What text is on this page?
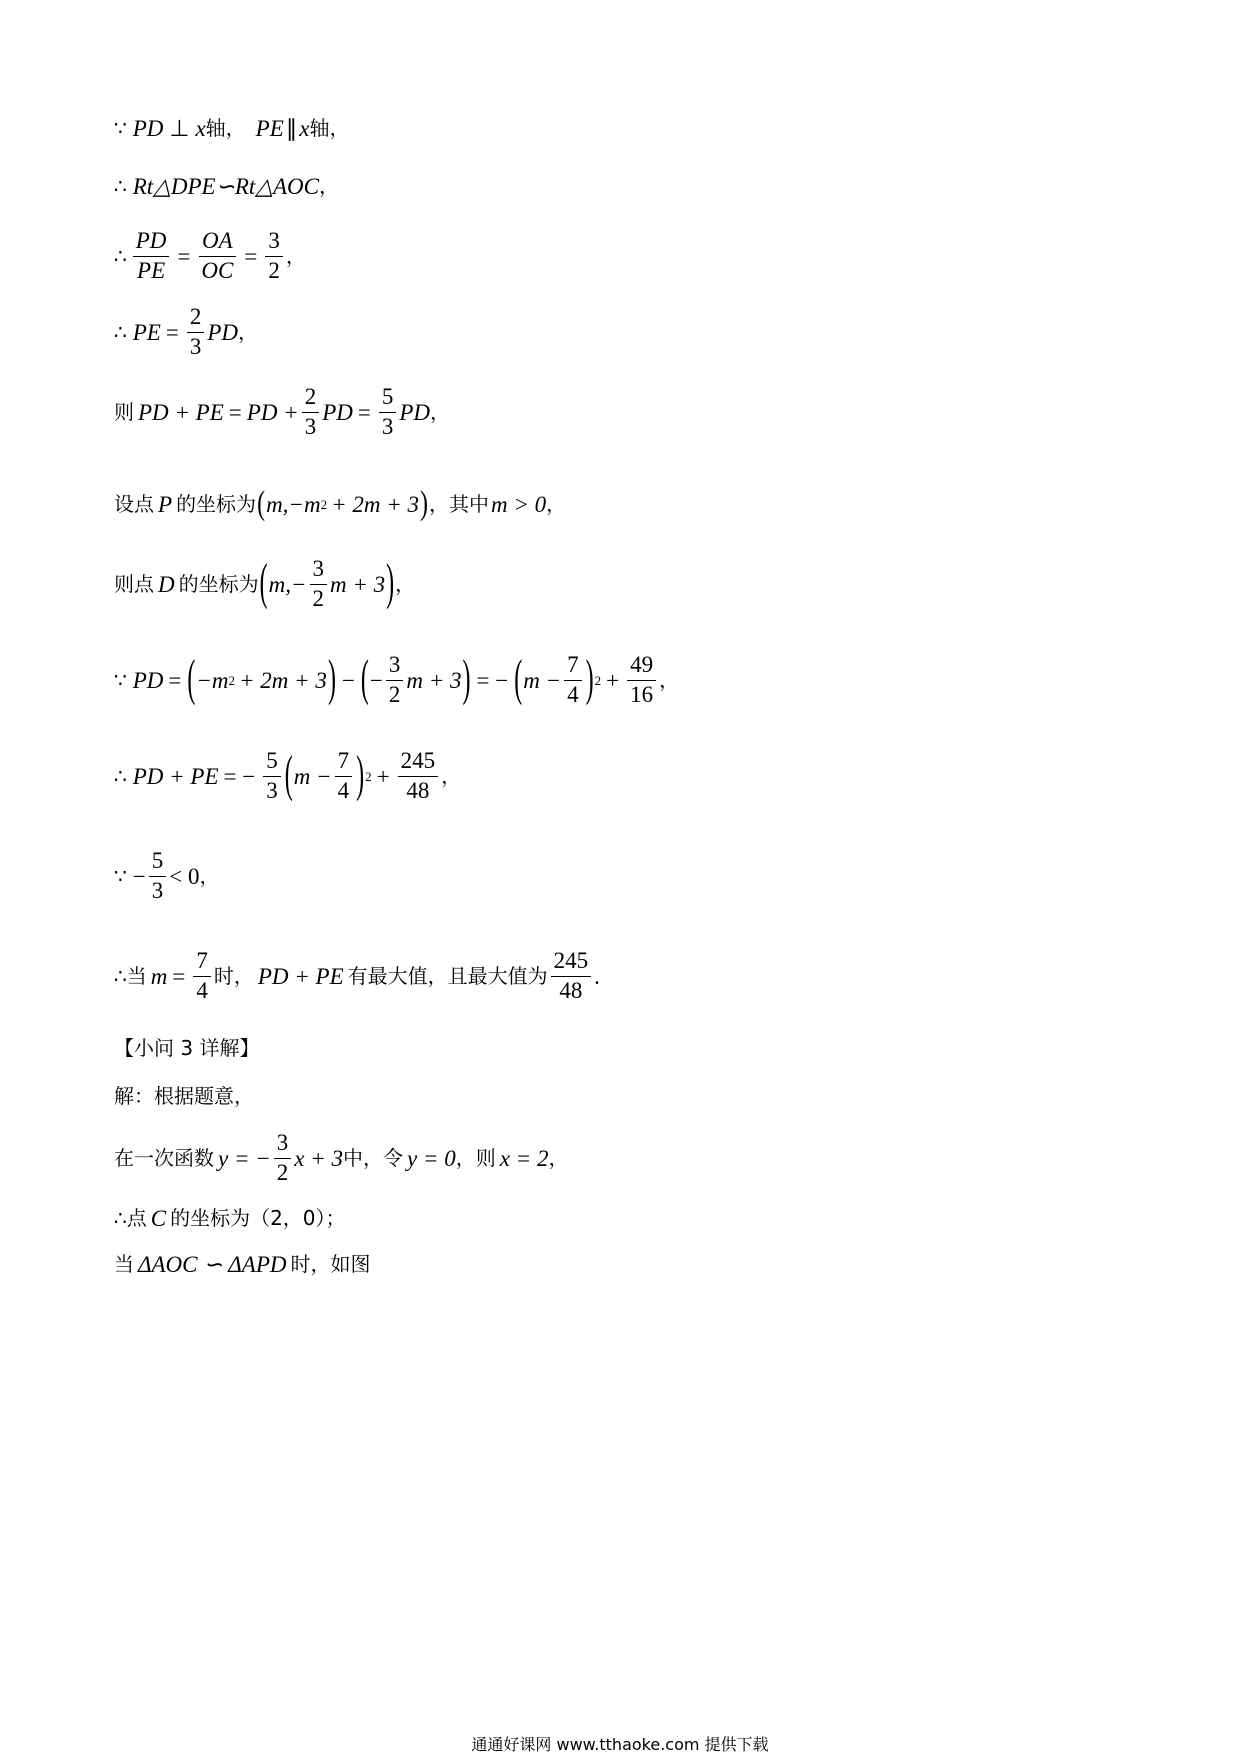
∵ PD ⊥ x 轴， PE ∥ x 轴，
∴ Rt△DPE∽Rt△AOC ，
∴ $\frac{PD}{PE} = \frac{OA}{OC} = \frac{3}{2}$ ，
∴ PE = $\frac{2}{3}$ PD ，
则 PD + PE = PD + $\frac{2}{3}$ PD = $\frac{5}{3}$ PD ，
设点 P 的坐标为 ( m,−m 2 + 2m + 3 ) ，其中 m > 0 ，
则点 D 的坐标为 ( $m,- \frac{3}{2}$ m + 3 ) ，
∵ PD = ( −m 2 + 2m + 3 ) − ( − $\frac{3}{2}$ m + 3 ) = − ( $m - \frac{7}{4}$ ) $2 + \frac{49}{16}$ ，
∴ PD + PE = − $\frac{5}{3}$ ( $m - \frac{7}{4}$ ) $2 + \frac{245}{48}$ ，
∵ − $\frac{5}{3} < 0$ ，
∴当 $m = \frac{7}{4}$ 时， PD + PE 有最大值，且最大值为 $\frac{245}{48}$ .
【小问 3 详解】
解：根据题意，
在一次函数 y = − $\frac{3}{2}$ x + 3 中，令 y = 0 ，则 x = 2 ，
∴点 C 的坐标为（2，0）；
当 ΔAOC ∽ ΔAPD 时，如图
通通好课网 www.tthaoke.com 提供下载
